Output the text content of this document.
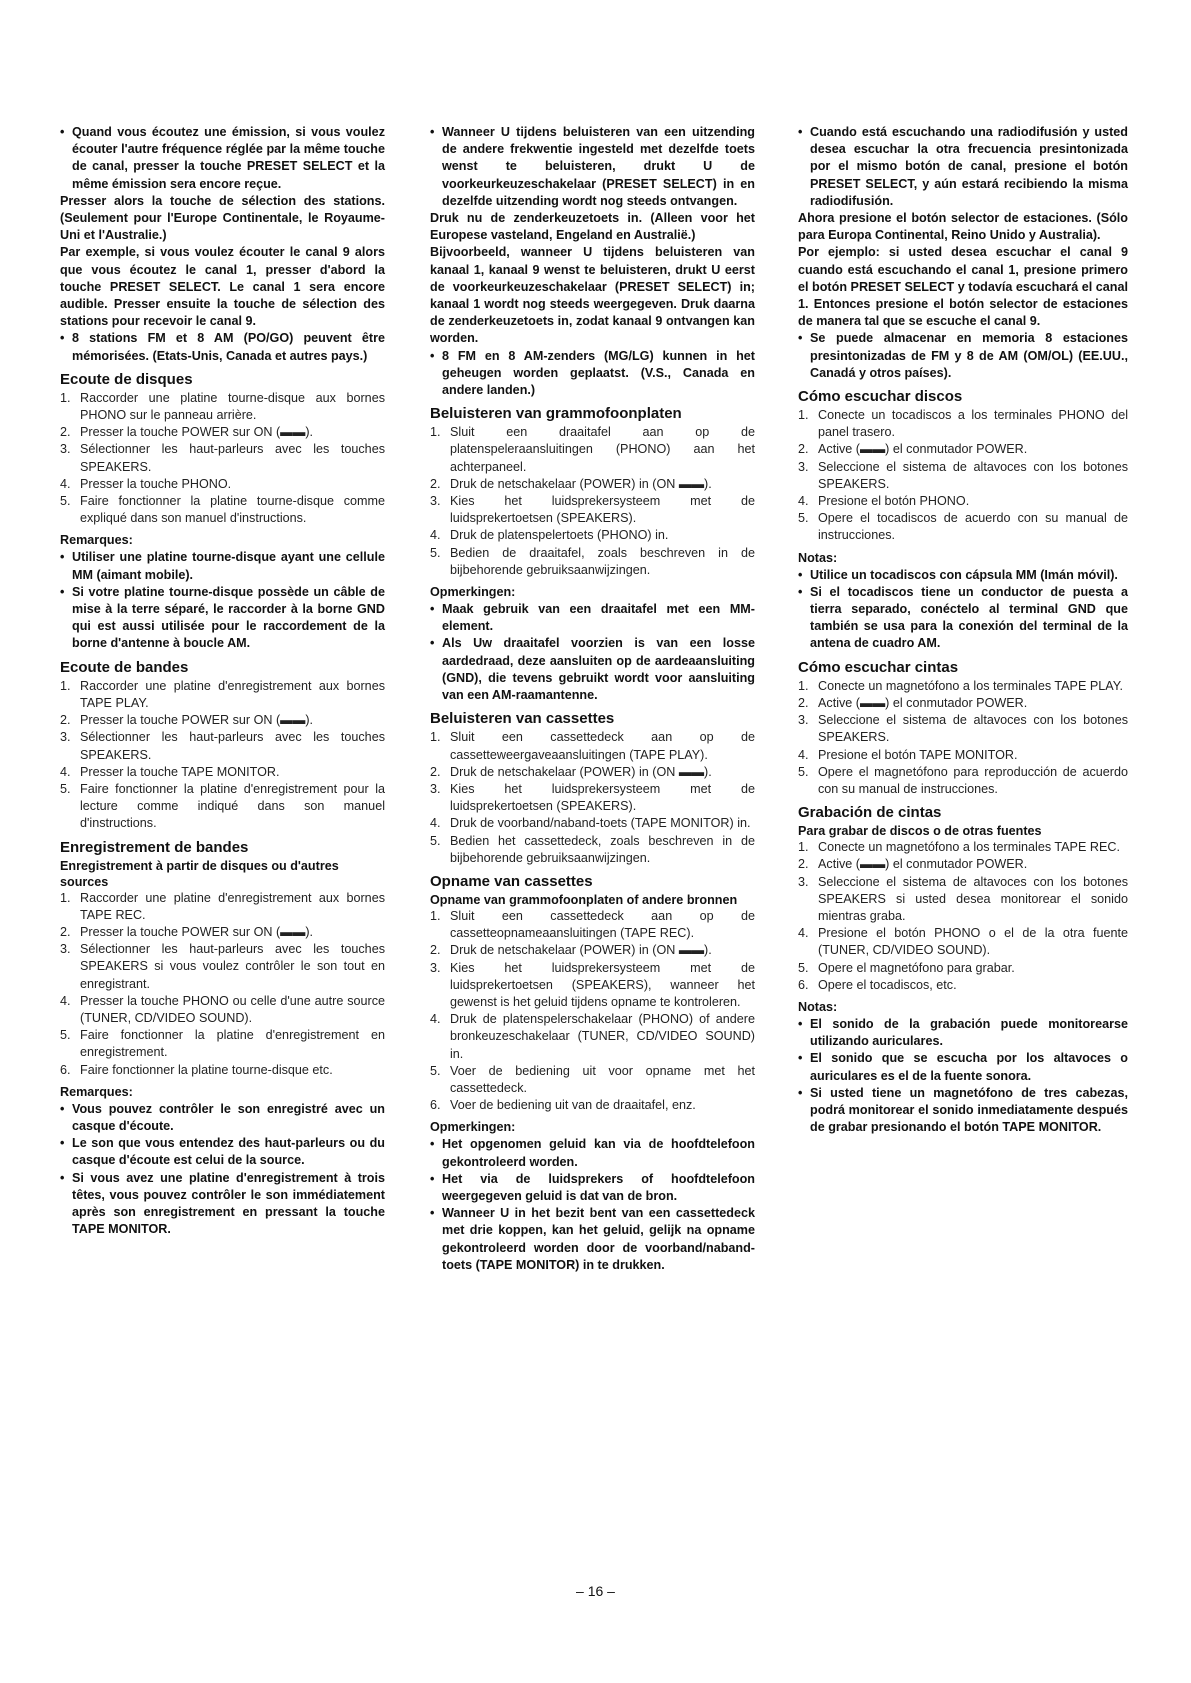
• Quand vous écoutez une émission, si vous voulez écouter l'autre fréquence réglée par la même touche de canal, presser la touche PRESET SELECT et la même émission sera encore reçue.

Presser alors la touche de sélection des stations. (Seulement pour l'Europe Continentale, le Royaume-Uni et l'Australie.)

Par exemple, si vous voulez écouter le canal 9 alors que vous écoutez le canal 1, presser d'abord la touche PRESET SELECT. Le canal 1 sera encore audible. Presser ensuite la touche de sélection des stations pour recevoir le canal 9.

• 8 stations FM et 8 AM (PO/GO) peuvent être mémorisées. (Etats-Unis, Canada et autres pays.)

Ecoute de disques
1. Raccorder une platine tourne-disque aux bornes PHONO sur le panneau arrière.
2. Presser la touche POWER sur ON (▬▬).
3. Sélectionner les haut-parleurs avec les touches SPEAKERS.
4. Presser la touche PHONO.
5. Faire fonctionner la platine tourne-disque comme expliqué dans son manuel d'instructions.
Remarques:

• Utiliser une platine tourne-disque ayant une cellule MM (aimant mobile).

• Si votre platine tourne-disque possède un câble de mise à la terre séparé, le raccorder à la borne GND qui est aussi utilisée pour le raccordement de la borne d'antenne à boucle AM.

Ecoute de bandes
1. Raccorder une platine d'enregistrement aux bornes TAPE PLAY.
2. Presser la touche POWER sur ON (▬▬).
3. Sélectionner les haut-parleurs avec les touches SPEAKERS.
4. Presser la touche TAPE MONITOR.
5. Faire fonctionner la platine d'enregistrement pour la lecture comme indiqué dans son manuel d'instructions.
Enregistrement de bandes

Enregistrement à partir de disques ou d'autres sources

1. Raccorder une platine d'enregistrement aux bornes TAPE REC.
2. Presser la touche POWER sur ON (▬▬).
3. Sélectionner les haut-parleurs avec les touches SPEAKERS si vous voulez contrôler le son tout en enregistrant.
4. Presser la touche PHONO ou celle d'une autre source (TUNER, CD/VIDEO SOUND).
5. Faire fonctionner la platine d'enregistrement en enregistrement.
6. Faire fonctionner la platine tourne-disque etc.
Remarques:

• Vous pouvez contrôler le son enregistré avec un casque d'écoute.

• Le son que vous entendez des haut-parleurs ou du casque d'écoute est celui de la source.

• Si vous avez une platine d'enregistrement à trois têtes, vous pouvez contrôler le son immédiatement après son enregistrement en pressant la touche TAPE MONITOR.

• Wanneer U tijdens beluisteren van een uitzending de andere frekwentie ingesteld met dezelfde toets wenst te beluisteren, drukt U de voorkeurkeuzeschakelaar (PRESET SELECT) in en dezelfde uitzending wordt nog steeds ontvangen.

Druk nu de zenderkeuzetoets in. (Alleen voor het Europese vasteland, Engeland en Australië.)

Bijvoorbeeld, wanneer U tijdens beluisteren van kanaal 1, kanaal 9 wenst te beluisteren, drukt U eerst de voorkeurkeuzeschakelaar (PRESET SELECT) in; kanaal 1 wordt nog steeds weergegeven. Druk daarna de zenderkeuzetoets in, zodat kanaal 9 ontvangen kan worden.

• 8 FM en 8 AM-zenders (MG/LG) kunnen in het geheugen worden geplaatst. (V.S., Canada en andere landen.)

Beluisteren van grammofoonplaten
1. Sluit een draaitafel aan op de platenspeleraansluitingen (PHONO) aan het achterpaneel.
2. Druk de netschakelaar (POWER) in (ON ▬▬).
3. Kies het luidsprekersysteem met de luidsprekertoetsen (SPEAKERS).
4. Druk de platenspelertoets (PHONO) in.
5. Bedien de draaitafel, zoals beschreven in de bijbehorende gebruiksaanwijzingen.
Opmerkingen:

• Maak gebruik van een draaitafel met een MM-element.

• Als Uw draaitafel voorzien is van een losse aardedraad, deze aansluiten op de aardeaansluiting (GND), die tevens gebruikt wordt voor aansluiting van een AM-raamantenne.

Beluisteren van cassettes
1. Sluit een cassettedeck aan op de cassetteweergaveaansluitingen (TAPE PLAY).
2. Druk de netschakelaar (POWER) in (ON ▬▬).
3. Kies het luidsprekersysteem met de luidsprekertoetsen (SPEAKERS).
4. Druk de voorband/naband-toets (TAPE MONITOR) in.
5. Bedien het cassettedeck, zoals beschreven in de bijbehorende gebruiksaanwijzingen.
Opname van cassettes

Opname van grammofoonplaten of andere bronnen

1. Sluit een cassettedeck aan op de cassetteopnameaansluitingen (TAPE REC).
2. Druk de netschakelaar (POWER) in (ON ▬▬).
3. Kies het luidsprekersysteem met de luidsprekertoetsen (SPEAKERS), wanneer het gewenst is het geluid tijdens opname te kontroleren.
4. Druk de platenspelerschakelaar (PHONO) of andere bronkeuzeschakelaar (TUNER, CD/VIDEO SOUND) in.
5. Voer de bediening uit voor opname met het cassettedeck.
6. Voer de bediening uit van de draaitafel, enz.
Opmerkingen:

• Het opgenomen geluid kan via de hoofdtelefoon gekontroleerd worden.

• Het via de luidsprekers of hoofdtelefoon weergegeven geluid is dat van de bron.

• Wanneer U in het bezit bent van een cassettedeck met drie koppen, kan het geluid, gelijk na opname gekontroleerd worden door de voorband/naband-toets (TAPE MONITOR) in te drukken.

• Cuando está escuchando una radiodifusión y usted desea escuchar la otra frecuencia presintonizada por el mismo botón de canal, presione el botón PRESET SELECT, y aún estará recibiendo la misma radiodifusión.

Ahora presione el botón selector de estaciones. (Sólo para Europa Continental, Reino Unido y Australia).

Por ejemplo: si usted desea escuchar el canal 9 cuando está escuchando el canal 1, presione primero el botón PRESET SELECT y todavía escuchará el canal 1. Entonces presione el botón selector de estaciones de manera tal que se escuche el canal 9.

• Se puede almacenar en memoria 8 estaciones presintonizadas de FM y 8 de AM (OM/OL) (EE.UU., Canadá y otros países).

Cómo escuchar discos
1. Conecte un tocadiscos a los terminales PHONO del panel trasero.
2. Active (▬▬) el conmutador POWER.
3. Seleccione el sistema de altavoces con los botones SPEAKERS.
4. Presione el botón PHONO.
5. Opere el tocadiscos de acuerdo con su manual de instrucciones.
Notas:

• Utilice un tocadiscos con cápsula MM (Imán móvil).

• Si el tocadiscos tiene un conductor de puesta a tierra separado, conéctelo al terminal GND que también se usa para la conexión del terminal de la antena de cuadro AM.

Cómo escuchar cintas
1. Conecte un magnetófono a los terminales TAPE PLAY.
2. Active (▬▬) el conmutador POWER.
3. Seleccione el sistema de altavoces con los botones SPEAKERS.
4. Presione el botón TAPE MONITOR.
5. Opere el magnetófono para reproducción de acuerdo con su manual de instrucciones.
Grabación de cintas

Para grabar de discos o de otras fuentes

1. Conecte un magnetófono a los terminales TAPE REC.
2. Active (▬▬) el conmutador POWER.
3. Seleccione el sistema de altavoces con los botones SPEAKERS si usted desea monitorear el sonido mientras graba.
4. Presione el botón PHONO o el de la otra fuente (TUNER, CD/VIDEO SOUND).
5. Opere el magnetófono para grabar.
6. Opere el tocadiscos, etc.
Notas:

• El sonido de la grabación puede monitorearse utilizando auriculares.

• El sonido que se escucha por los altavoces o auriculares es el de la fuente sonora.

• Si usted tiene un magnetófono de tres cabezas, podrá monitorear el sonido inmediatamente después de grabar presionando el botón TAPE MONITOR.

– 16 –
